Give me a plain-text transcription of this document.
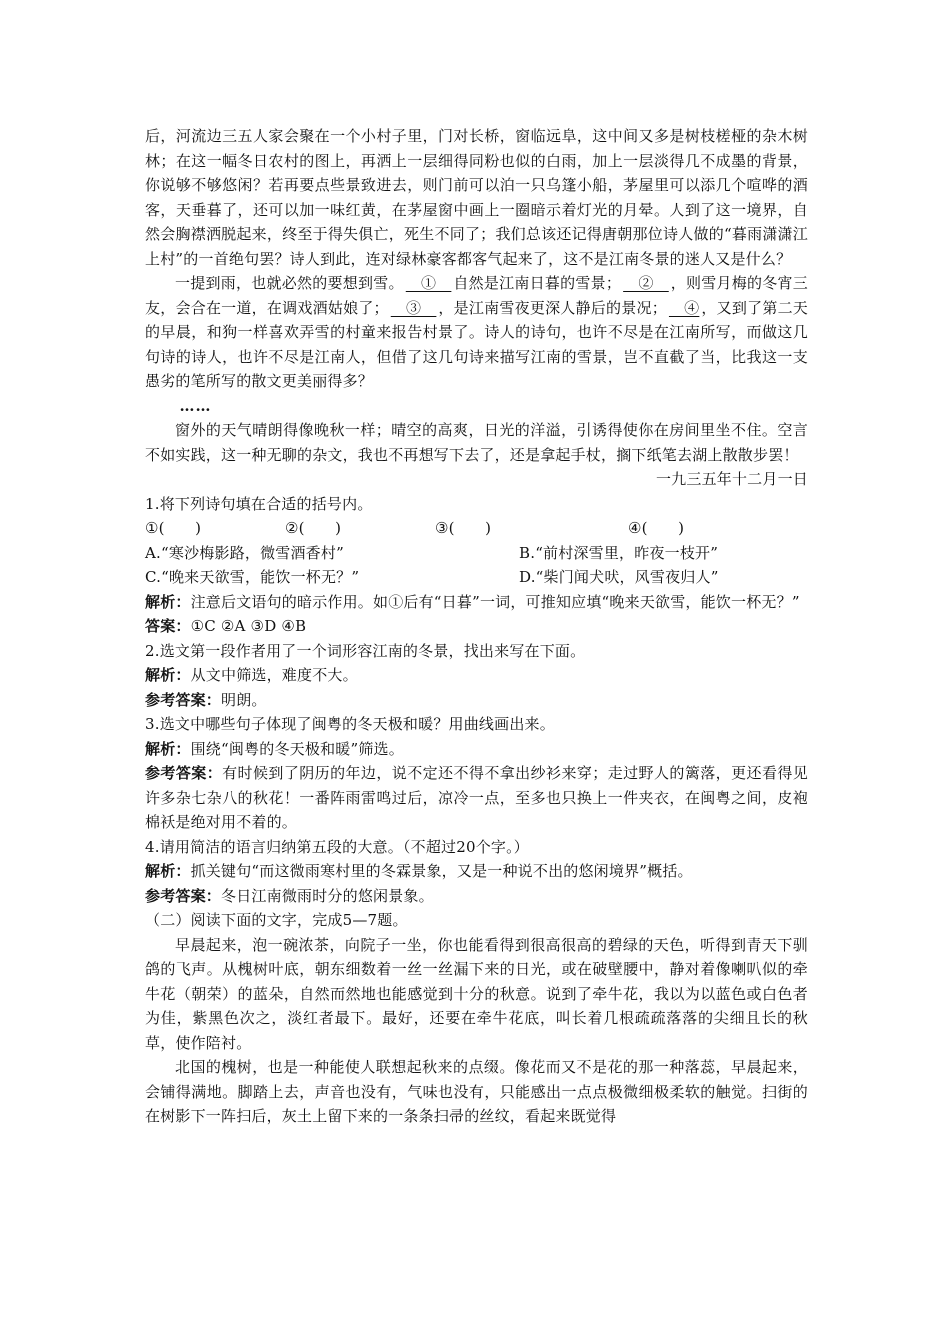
后，河流边三五人家会聚在一个小村子里，门对长桥，窗临远阜，这中间又多是树枝槎桠的杂木树林；在这一幅冬日农村的图上，再洒上一层细得同粉也似的白雨，加上一层淡得几不成墨的背景，你说够不够悠闲？若再要点些景致进去，则门前可以泊一只乌篷小船，茅屋里可以添几个喧哗的酒客，天垂暮了，还可以加一味红黄，在茅屋窗中画上一圈暗示着灯光的月晕。人到了这一境界，自然会胸襟洒脱起来，终至于得失俱亡，死生不同了；我们总该还记得唐朝那位诗人做的“暮雨潇潇江上村”的一首绝句罢？诗人到此，连对绿林豪客都客气起来了，这不是江南冬景的迷人又是什么？

一提到雨，也就必然的要想到雪。　①　自然是江南日暮的雪景；　②　，则雪月梅的冬宵三友，会合在一道，在调戏酒姑娘了；　③　，是江南雪夜更深人静后的景况；　④ ，又到了第二天的早晨，和狗一样喜欢弄雪的村童来报告村景了。诗人的诗句，也许不尽是在江南所写，而做这几句诗的诗人，也许不尽是江南人，但借了这几句诗来描写江南的雪景，岂不直截了当，比我这一支愚劣的笔所写的散文更美丽得多？

……

窗外的天气晴朗得像晚秋一样；晴空的高爽，日光的洋溢，引诱得使你在房间里坐不住。空言不如实践，这一种无聊的杂文，我也不再想写下去了，还是拿起手杖，搁下纸笔去湖上散散步罢！

一九三五年十二月一日

1.将下列诗句填在合适的括号内。

①(　　)	②(　　)	③(　　)	④(　　)
A.“寒沙梅影路，微雪酒香村”	B.“前村深雪里，昨夜一枝开”
C.“晚来天欲雪，能饮一杯无？”	D.“柴门闻犬吠，风雪夜归人”

解析：注意后文语句的暗示作用。如①后有“日暮”一词，可推知应填“晚来天欲雪，能饮一杯无？”

答案：①C ②A ③D ④B

2.选文第一段作者用了一个词形容江南的冬景，找出来写在下面。

解析：从文中筛选，难度不大。

参考答案：明朗。

3.选文中哪些句子体现了闽粤的冬天极和暖？用曲线画出来。

解析：围绕“闽粤的冬天极和暖”筛选。

参考答案：有时候到了阴历的年边，说不定还不得不拿出纱衫来穿；走过野人的篱落，更还看得见许多杂七杂八的秋花！一番阵雨雷鸣过后，凉冷一点，至多也只换上一件夹衣，在闽粤之间，皮袍棉袄是绝对用不着的。

4.请用简洁的语言归纳第五段的大意。（不超过20个字。）

解析：抓关键句“而这微雨寒村里的冬霖景象，又是一种说不出的悠闲境界”概括。

参考答案：冬日江南微雨时分的悠闲景象。

（二）阅读下面的文字，完成5—7题。

早晨起来，泡一碗浓茶，向院子一坐，你也能看得到很高很高的碧绿的天色，听得到青天下驯鸽的飞声。从槐树叶底，朝东细数着一丝一丝漏下来的日光，或在破壁腰中，静对着像喇叭似的牵牛花（朝荣）的蓝朵，自然而然地也能感觉到十分的秋意。说到了牵牛花，我以为以蓝色或白色者为佳，紫黑色次之，淡红者最下。最好，还要在牵牛花底，叫长着几根疏疏落落的尖细且长的秋草，使作陪衬。

北国的槐树，也是一种能使人联想起秋来的点缀。像花而又不是花的那一种落蕊，早晨起来，会铺得满地。脚踏上去，声音也没有，气味也没有，只能感出一点点极微细极柔软的触觉。扫街的在树影下一阵扫后，灰土上留下来的一条条扫帚的丝纹，看起来既觉得
